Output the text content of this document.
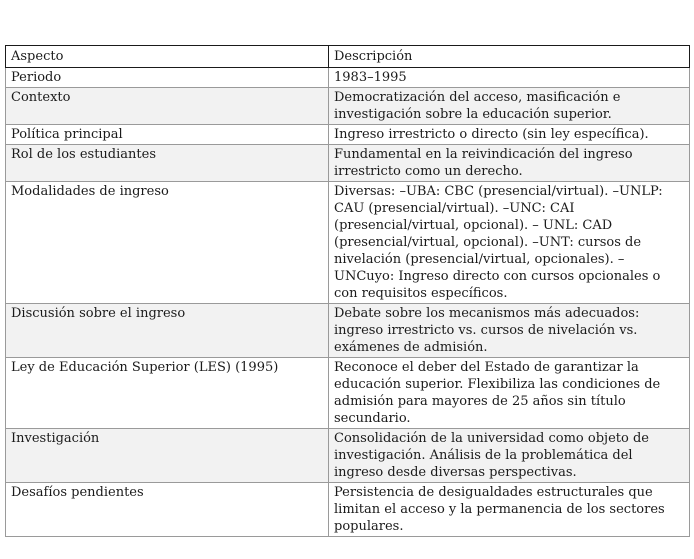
Aspecto	Descripción
Periodo	1983–1995
Contexto	Democratización del acceso, masificación e investigación sobre la educación superior.
Política principal	Ingreso irrestricto o directo (sin ley específica).
Rol de los estudiantes	Fundamental en la reivindicación del ingreso irrestricto como un derecho.
Modalidades de ingreso	Diversas: –UBA: CBC (presencial/virtual). –UNLP: CAU (presencial/virtual). –UNC: CAI (presencial/virtual, opcional). – UNL: CAD (presencial/virtual, opcional). –UNT: cursos de nivelación (presencial/virtual, opcionales). – UNCuyo: Ingreso directo con cursos opcionales o con requisitos específicos.
Discusión sobre el ingreso	Debate sobre los mecanismos más adecuados: ingreso irrestricto vs. cursos de nivelación vs. exámenes de admisión.
Ley de Educación Superior (LES) (1995)	Reconoce el deber del Estado de garantizar la educación superior. Flexibiliza las condiciones de admisión para mayores de 25 años sin título secundario.
Investigación	Consolidación de la universidad como objeto de investigación. Análisis de la problemática del ingreso desde diversas perspectivas.
Desafíos pendientes	Persistencia de desigualdades estructurales que limitan el acceso y la permanencia de los sectores populares.
